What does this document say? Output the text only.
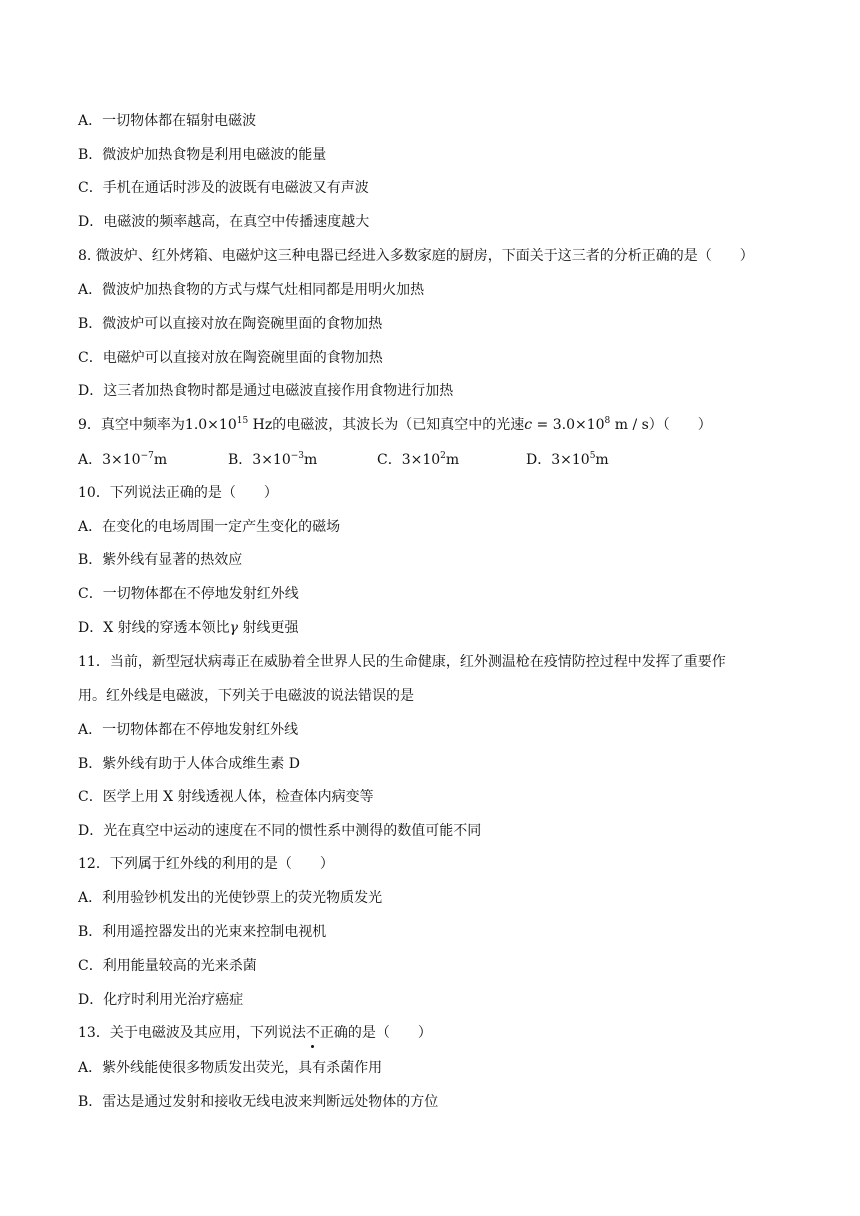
A．一切物体都在辐射电磁波
B．微波炉加热食物是利用电磁波的能量
C．手机在通话时涉及的波既有电磁波又有声波
D．电磁波的频率越高，在真空中传播速度越大
8. 微波炉、红外烤箱、电磁炉这三种电器已经进入多数家庭的厨房，下面关于这三者的分析正确的是（　　）
A．微波炉加热食物的方式与煤气灶相同都是用明火加热
B．微波炉可以直接对放在陶瓷碗里面的食物加热
C．电磁炉可以直接对放在陶瓷碗里面的食物加热
D．这三者加热食物时都是通过电磁波直接作用食物进行加热
9．真空中频率为$1.0\times 10^{15}$ Hz的电磁波，其波长为（已知真空中的光速$c = 3.0\times 10^8$ m / s）（　　）
A．$3\times 10^{-7}m$	B．$3\times 10^{-3}m$	C．$3\times 10^2m$	D．$3\times 10^5m$
10．下列说法正确的是（　　）
A．在变化的电场周围一定产生变化的磁场
B．紫外线有显著的热效应
C．一切物体都在不停地发射红外线
D．X 射线的穿透本领比γ 射线更强
11．当前，新型冠状病毒正在威胁着全世界人民的生命健康，红外测温枪在疫情防控过程中发挥了重要作
用。红外线是电磁波，下列关于电磁波的说法错误的是
A．一切物体都在不停地发射红外线
B．紫外线有助于人体合成维生素 D
C．医学上用 X 射线透视人体，检查体内病变等
D．光在真空中运动的速度在不同的惯性系中测得的数值可能不同
12．下列属于红外线的利用的是（　　）
A．利用验钞机发出的光使钞票上的荧光物质发光
B．利用遥控器发出的光束来控制电视机
C．利用能量较高的光来杀菌
D．化疗时利用光治疗癌症
13．关于电磁波及其应用，下列说法不正确的是（　　）
A．紫外线能使很多物质发出荧光，具有杀菌作用
B．雷达是通过发射和接收无线电波来判断远处物体的方位
